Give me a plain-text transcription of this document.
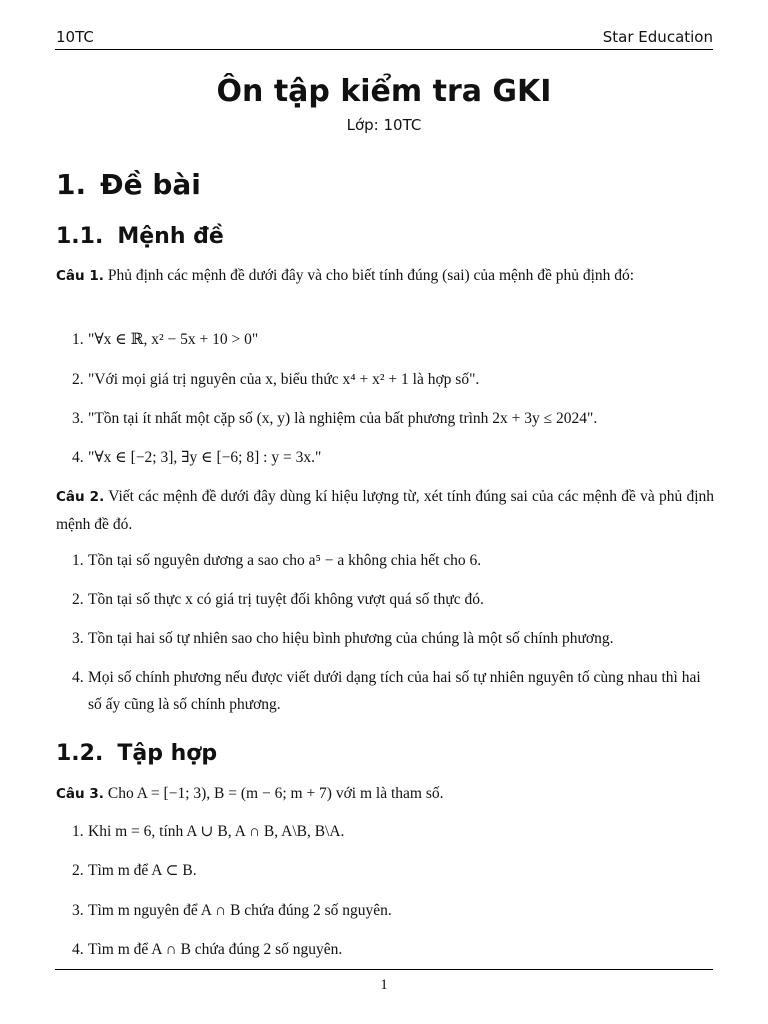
10TC	Star Education
Ôn tập kiểm tra GKI
Lớp: 10TC
1. Đề bài
1.1. Mệnh đề
Câu 1. Phủ định các mệnh đề dưới đây và cho biết tính đúng (sai) của mệnh đề phủ định đó:
1. "∀x ∈ ℝ, x² − 5x + 10 > 0"
2. "Với mọi giá trị nguyên của x, biểu thức x⁴ + x² + 1 là hợp số".
3. "Tồn tại ít nhất một cặp số (x, y) là nghiệm của bất phương trình 2x + 3y ≤ 2024".
4. "∀x ∈ [−2; 3], ∃y ∈ [−6; 8] : y = 3x."
Câu 2. Viết các mệnh đề dưới đây dùng kí hiệu lượng từ, xét tính đúng sai của các mệnh đề và phủ định mệnh đề đó.
1. Tồn tại số nguyên dương a sao cho a⁵ − a không chia hết cho 6.
2. Tồn tại số thực x có giá trị tuyệt đối không vượt quá số thực đó.
3. Tồn tại hai số tự nhiên sao cho hiệu bình phương của chúng là một số chính phương.
4. Mọi số chính phương nếu được viết dưới dạng tích của hai số tự nhiên nguyên tố cùng nhau thì hai số ấy cũng là số chính phương.
1.2. Tập hợp
Câu 3. Cho A = [−1; 3), B = (m − 6; m + 7) với m là tham số.
1. Khi m = 6, tính A ∪ B, A ∩ B, A\B, B\A.
2. Tìm m để A ⊂ B.
3. Tìm m nguyên để A ∩ B chứa đúng 2 số nguyên.
4. Tìm m để A ∩ B chứa đúng 2 số nguyên.
1
